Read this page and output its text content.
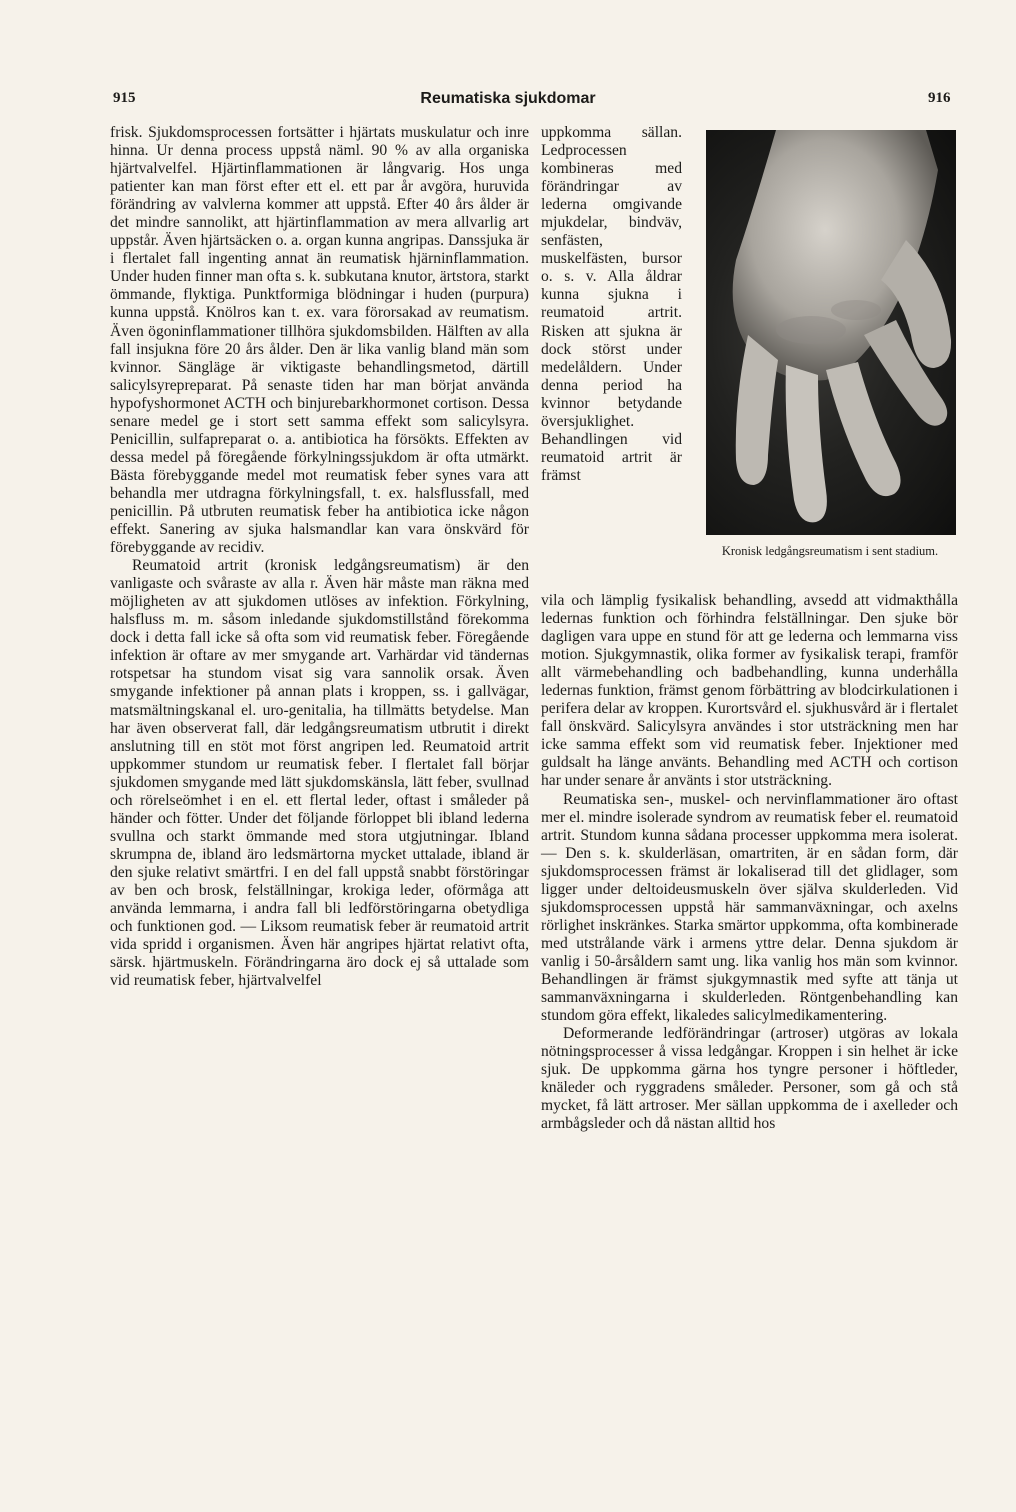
915	Reumatiska sjukdomar	916

frisk. Sjukdomsprocessen fortsätter i hjärtats muskulatur och inre hinna. Ur denna process uppstå näml. 90 % av alla organiska hjärtvalvelfel. Hjärtinflammationen är långvarig. Hos unga patienter kan man först efter ett el. ett par år avgöra, huruvida förändring av valvlerna kommer att uppstå. Efter 40 års ålder är det mindre sannolikt, att hjärtinflammation av mera allvarlig art uppstår. Även hjärtsäcken o. a. organ kunna angripas. Danssjuka är i flertalet fall ingenting annat än reumatisk hjärninflammation. Under huden finner man ofta s. k. subkutana knutor, ärtstora, starkt ömmande, flyktiga. Punktformiga blödningar i huden (purpura) kunna uppstå. Knölros kan t. ex. vara förorsakad av reumatism. Även ögoninflammationer tillhöra sjukdomsbilden. Hälften av alla fall insjukna före 20 års ålder. Den är lika vanlig bland män som kvinnor. Sängläge är viktigaste behandlingsmetod, därtill salicylsyrepreparat. På senaste tiden har man börjat använda hypofyshormonet ACTH och binjurebarkhormonet cortison. Dessa senare medel ge i stort sett samma effekt som salicylsyra. Penicillin, sulfapreparat o. a. antibiotica ha försökts. Effekten av dessa medel på föregående förkylningssjukdom är ofta utmärkt. Bästa förebyggande medel mot reumatisk feber synes vara att behandla mer utdragna förkylningsfall, t. ex. halsflussfall, med penicillin. På utbruten reumatisk feber ha antibiotica icke någon effekt. Sanering av sjuka halsmandlar kan vara önskvärd för förebyggande av recidiv.

Reumatoid artrit (kronisk ledgångsreumatism) är den vanligaste och svåraste av alla r. Även här måste man räkna med möjligheten av att sjukdomen utlöses av infektion. Förkylning, halsfluss m. m. såsom inledande sjukdomstillstånd förekomma dock i detta fall icke så ofta som vid reumatisk feber. Föregående infektion är oftare av mer smygande art. Varhärdar vid tändernas rotspetsar ha stundom visat sig vara sannolik orsak. Även smygande infektioner på annan plats i kroppen, ss. i gallvägar, matsmältningskanal el. uro-genitalia, ha tillmätts betydelse. Man har även observerat fall, där ledgångsreumatism utbrutit i direkt anslutning till en stöt mot först angripen led. Reumatoid artrit uppkommer stundom ur reumatisk feber. I flertalet fall börjar sjukdomen smygande med lätt sjukdomskänsla, lätt feber, svullnad och rörelseömhet i en el. ett flertal leder, oftast i småleder på händer och fötter. Under det följande förloppet bli ibland lederna svullna och starkt ömmande med stora utgjutningar. Ibland skrumpna de, ibland äro ledsmärtorna mycket uttalade, ibland är den sjuke relativt smärtfri. I en del fall uppstå snabbt förstöringar av ben och brosk, felställningar, krokiga leder, oförmåga att använda lemmarna, i andra fall bli ledförstöringarna obetydliga och funktionen god. — Liksom reumatisk feber är reumatoid artrit vida spridd i organismen. Även här angripes hjärtat relativt ofta, särsk. hjärtmuskeln. Förändringarna äro dock ej så uttalade som vid reumatisk feber, hjärtvalvelfel

uppkomma sällan. Ledprocessen kombineras med förändringar av lederna omgivande mjukdelar, bindväv, senfästen, muskelfästen, bursor o. s. v. Alla åldrar kunna sjukna i reumatoid artrit. Risken att sjukna är dock störst under medelåldern. Under denna period ha kvinnor betydande översjuklighet. Behandlingen vid reumatoid artrit är främst

Kronisk ledgångsreumatism i sent stadium.

vila och lämplig fysikalisk behandling, avsedd att vidmakthålla ledernas funktion och förhindra felställningar. Den sjuke bör dagligen vara uppe en stund för att ge lederna och lemmarna viss motion. Sjukgymnastik, olika former av fysikalisk terapi, framför allt värmebehandling och badbehandling, kunna underhålla ledernas funktion, främst genom förbättring av blodcirkulationen i perifera delar av kroppen. Kurortsvård el. sjukhusvård är i flertalet fall önskvärd. Salicylsyra användes i stor utsträckning men har icke samma effekt som vid reumatisk feber. Injektioner med guldsalt ha länge använts. Behandling med ACTH och cortison har under senare år använts i stor utsträckning.

Reumatiska sen-, muskel- och nervinflammationer äro oftast mer el. mindre isolerade syndrom av reumatisk feber el. reumatoid artrit. Stundom kunna sådana processer uppkomma mera isolerat. — Den s. k. skulderläsan, omartriten, är en sådan form, där sjukdomsprocessen främst är lokaliserad till det glidlager, som ligger under deltoideusmuskeln över själva skulderleden. Vid sjukdomsprocessen uppstå här sammanväxningar, och axelns rörlighet inskränkes. Starka smärtor uppkomma, ofta kombinerade med utstrålande värk i armens yttre delar. Denna sjukdom är vanlig i 50-årsåldern samt ung. lika vanlig hos män som kvinnor. Behandlingen är främst sjukgymnastik med syfte att tänja ut sammanväxningarna i skulderleden. Röntgenbehandling kan stundom göra effekt, likaledes salicylmedikamentering.

Deformerande ledförändringar (artroser) utgöras av lokala nötningsprocesser å vissa ledgångar. Kroppen i sin helhet är icke sjuk. De uppkomma gärna hos tyngre personer i höftleder, knäleder och ryggradens småleder. Personer, som gå och stå mycket, få lätt artroser. Mer sällan uppkomma de i axelleder och armbågsleder och då nästan alltid hos
